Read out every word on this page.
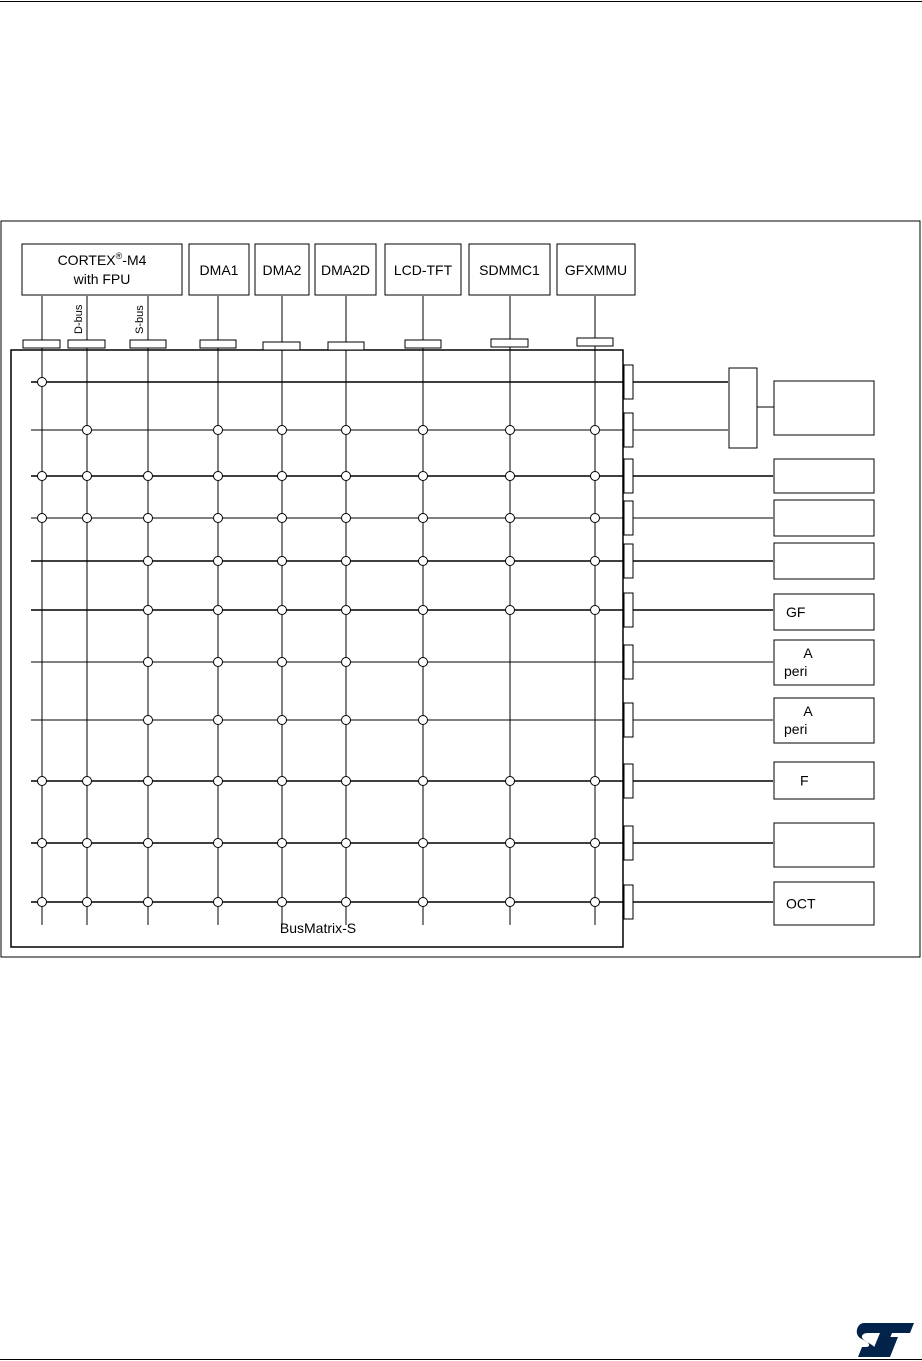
GF
A
peri
A
peri
F
OCT
CORTEX®-M4
with FPU
D-bus	S-bus
DMA1 DMA2 DMA2D LCD-TFT SDMMC1 GFXMMU
BusMatrix-S
